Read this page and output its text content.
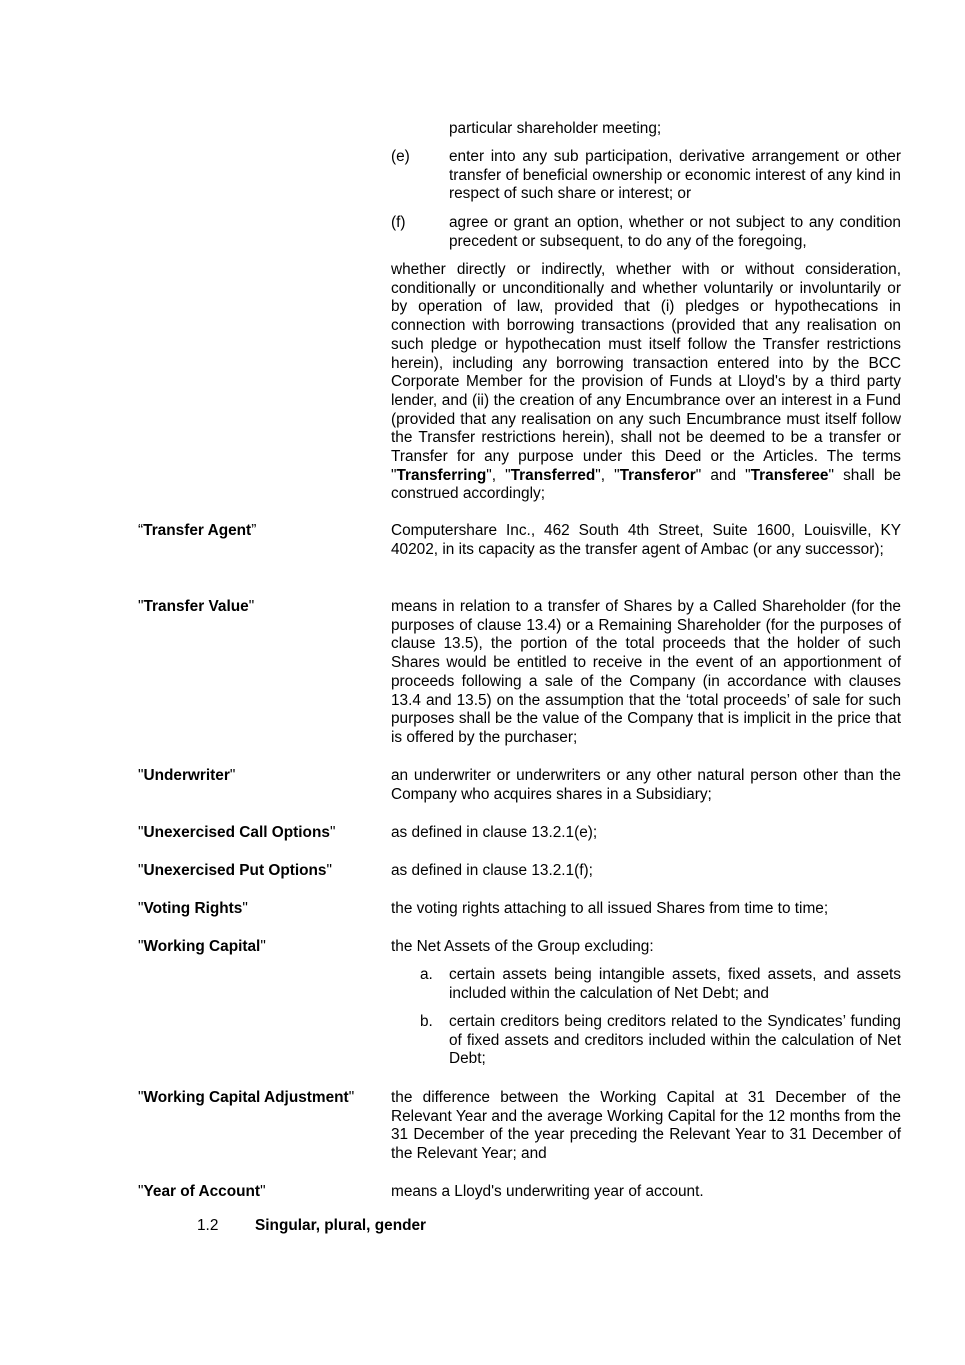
particular shareholder meeting;
(e)	enter into any sub participation, derivative arrangement or other transfer of beneficial ownership or economic interest of any kind in respect of such share or interest; or
(f)	agree or grant an option, whether or not subject to any condition precedent or subsequent, to do any of the foregoing,
whether directly or indirectly, whether with or without consideration, conditionally or unconditionally and whether voluntarily or involuntarily or by operation of law, provided that (i) pledges or hypothecations in connection with borrowing transactions (provided that any realisation on such pledge or hypothecation must itself follow the Transfer restrictions herein), including any borrowing transaction entered into by the BCC Corporate Member for the provision of Funds at Lloyd's by a third party lender, and (ii) the creation of any Encumbrance over an interest in a Fund (provided that any realisation on any such Encumbrance must itself follow the Transfer restrictions herein), shall not be deemed to be a transfer or Transfer for any purpose under this Deed or the Articles. The terms "Transferring", "Transferred", "Transferor" and "Transferee" shall be construed accordingly;
“Transfer Agent”	Computershare Inc., 462 South 4th Street, Suite 1600, Louisville, KY 40202, in its capacity as the transfer agent of Ambac (or any successor);
"Transfer Value"	means in relation to a transfer of Shares by a Called Shareholder (for the purposes of clause 13.4) or a Remaining Shareholder (for the purposes of clause 13.5), the portion of the total proceeds that the holder of such Shares would be entitled to receive in the event of an apportionment of proceeds following a sale of the Company (in accordance with clauses 13.4 and 13.5) on the assumption that the ‘total proceeds’ of sale for such purposes shall be the value of the Company that is implicit in the price that is offered by the purchaser;
"Underwriter"	an underwriter or underwriters or any other natural person other than the Company who acquires shares in a Subsidiary;
"Unexercised Call Options"	as defined in clause 13.2.1(e);
"Unexercised Put Options"	as defined in clause 13.2.1(f);
"Voting Rights"	the voting rights attaching to all issued Shares from time to time;
"Working Capital"	the Net Assets of the Group excluding:
a. certain assets being intangible assets, fixed assets, and assets included within the calculation of Net Debt; and
b. certain creditors being creditors related to the Syndicates’ funding of fixed assets and creditors included within the calculation of Net Debt;
"Working Capital Adjustment" the difference between the Working Capital at 31 December of the Relevant Year and the average Working Capital for the 12 months from the 31 December of the year preceding the Relevant Year to 31 December of the Relevant Year; and
"Year of Account"	means a Lloyd's underwriting year of account.
1.2 Singular, plural, gender
